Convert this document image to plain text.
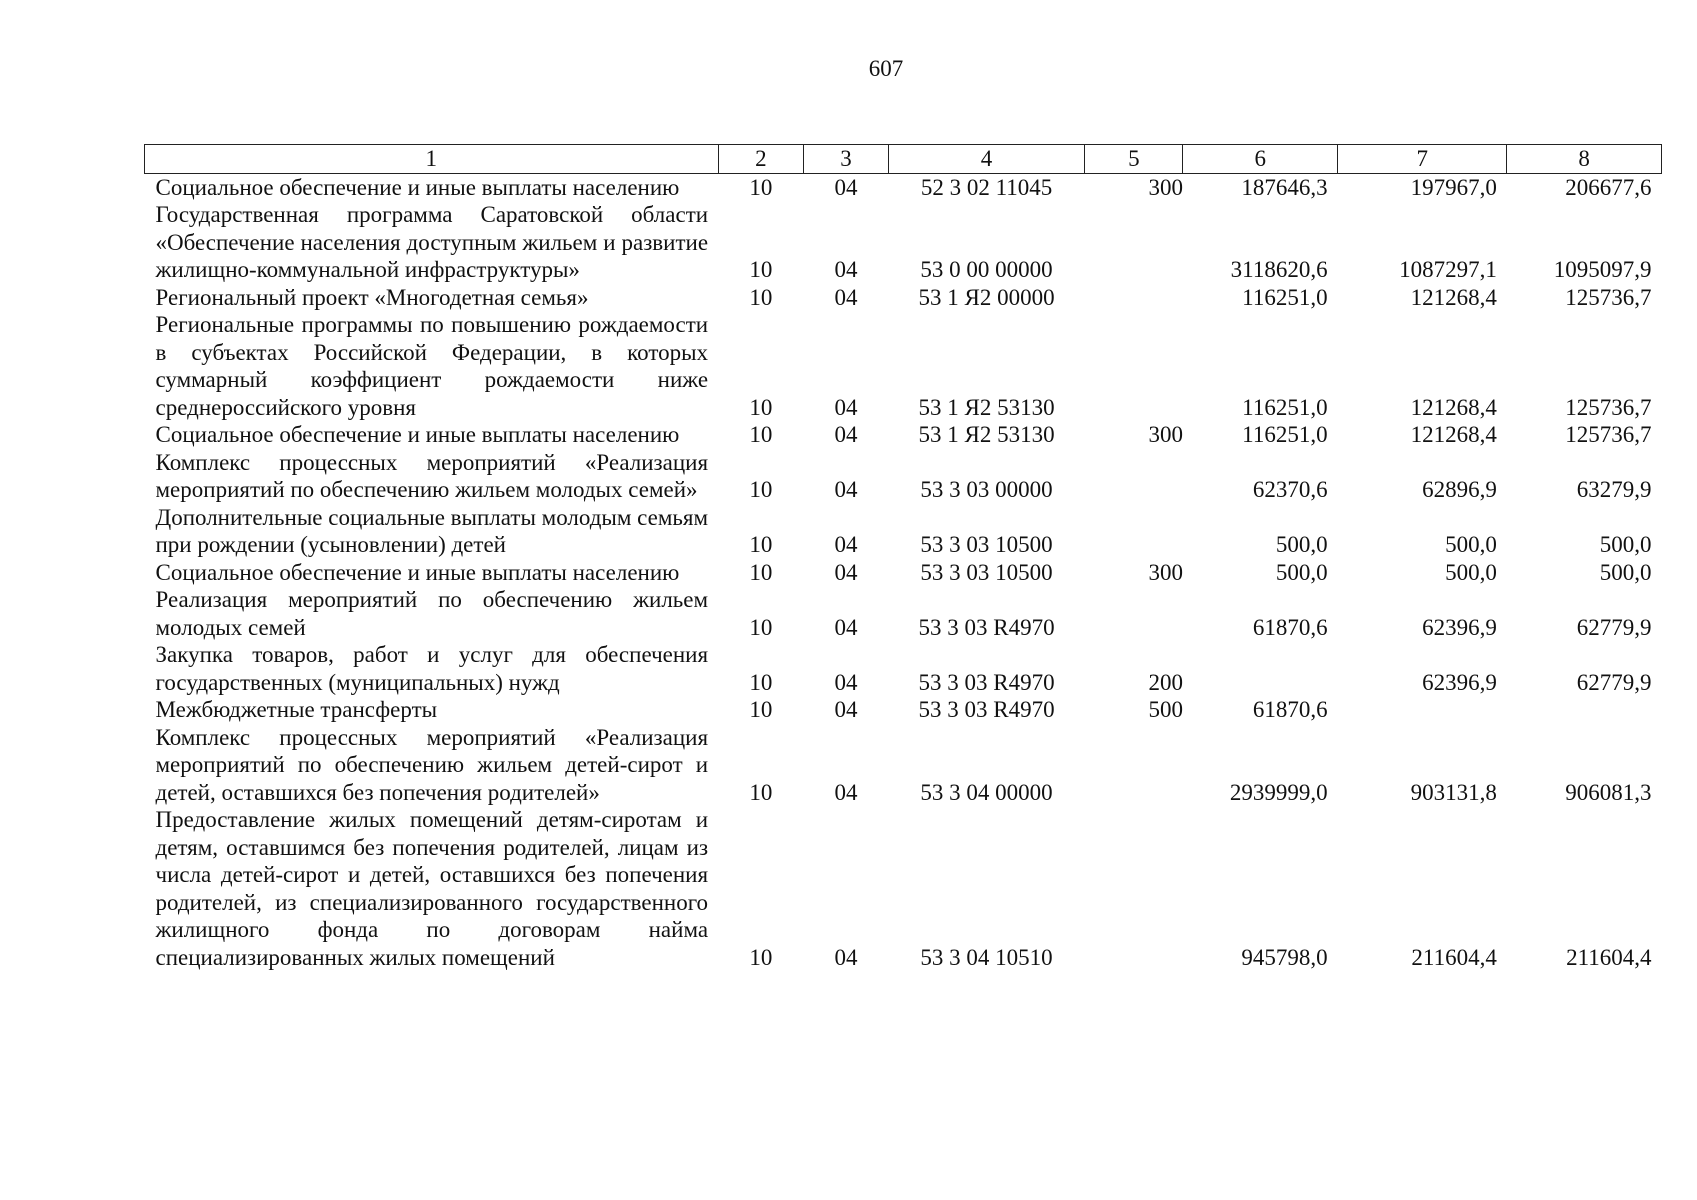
607
1	2	3	4	5	6	7	8
Социальное обеспечение и иные выплаты населению	10	04	52 3 02 11045	300	187646,3	197967,0	206677,6
Государственная программа Саратовской области «Обеспечение населения доступным жильем и развитие жилищно-коммунальной инфраструктуры»	10	04	53 0 00 00000		3118620,6	1087297,1	1095097,9
Региональный проект «Многодетная семья»	10	04	53 1 Я2 00000		116251,0	121268,4	125736,7
Региональные программы по повышению рождаемости в субъектах Российской Федерации, в которых суммарный коэффициент рождаемости ниже среднероссийского уровня	10	04	53 1 Я2 53130		116251,0	121268,4	125736,7
Социальное обеспечение и иные выплаты населению	10	04	53 1 Я2 53130	300	116251,0	121268,4	125736,7
Комплекс процессных мероприятий «Реализация мероприятий по обеспечению жильем молодых семей»	10	04	53 3 03 00000		62370,6	62896,9	63279,9
Дополнительные социальные выплаты молодым семьям при рождении (усыновлении) детей	10	04	53 3 03 10500		500,0	500,0	500,0
Социальное обеспечение и иные выплаты населению	10	04	53 3 03 10500	300	500,0	500,0	500,0
Реализация мероприятий по обеспечению жильем молодых семей	10	04	53 3 03 R4970		61870,6	62396,9	62779,9
Закупка товаров, работ и услуг для обеспечения государственных (муниципальных) нужд	10	04	53 3 03 R4970	200		62396,9	62779,9
Межбюджетные трансферты	10	04	53 3 03 R4970	500	61870,6		
Комплекс процессных мероприятий «Реализация мероприятий по обеспечению жильем детей-сирот и детей, оставшихся без попечения родителей»	10	04	53 3 04 00000		2939999,0	903131,8	906081,3
Предоставление жилых помещений детям-сиротам и детям, оставшимся без попечения родителей, лицам из числа детей-сирот и детей, оставшихся без попечения родителей, из специализированного государственного жилищного фонда по договорам найма специализированных жилых помещений	10	04	53 3 04 10510		945798,0	211604,4	211604,4
